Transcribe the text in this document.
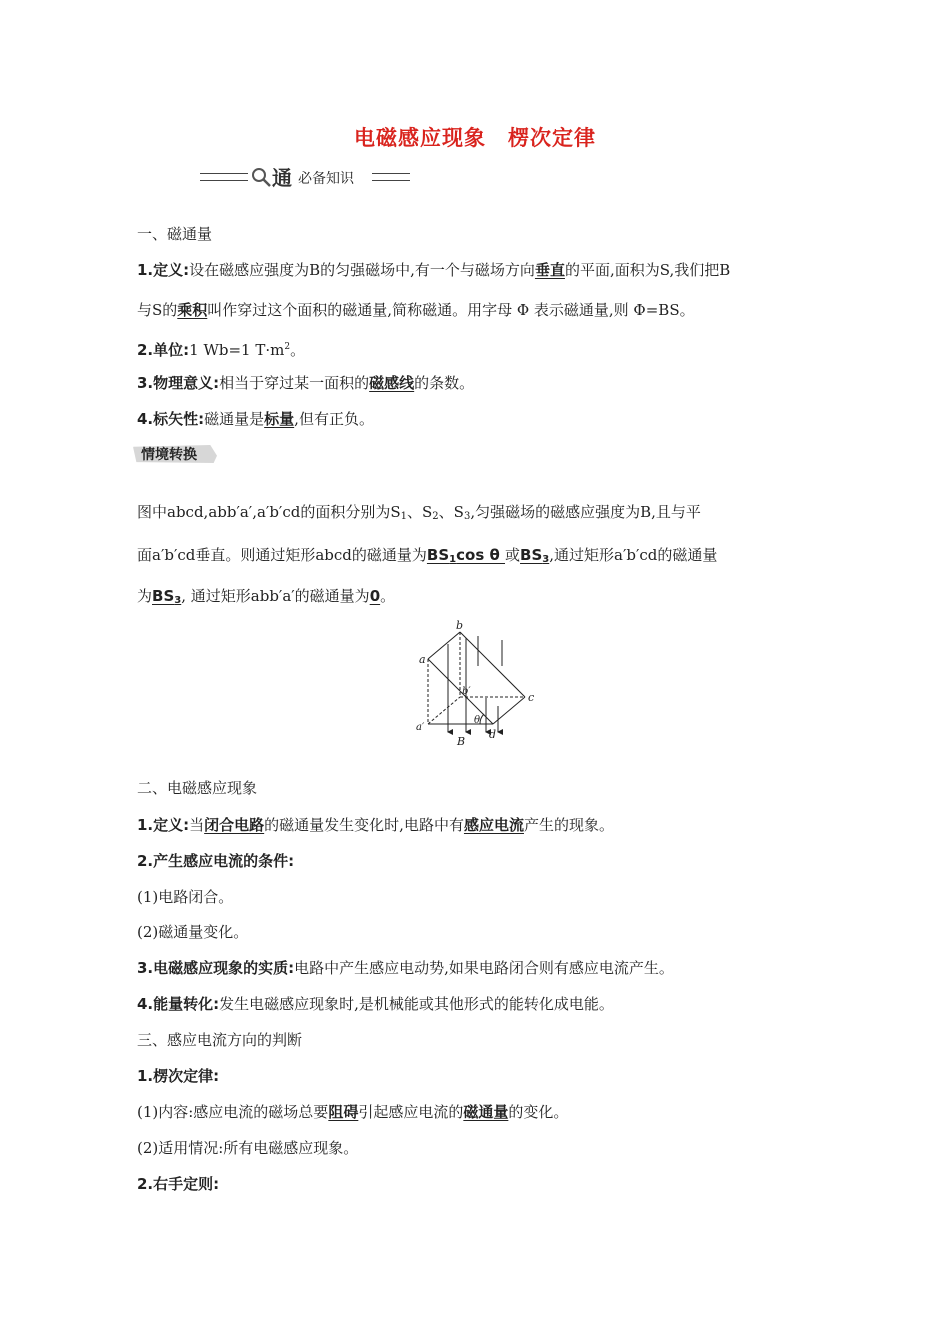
电磁感应现象 楞次定律
通 必备知识
一、磁通量
1.定义:设在磁感应强度为B的匀强磁场中,有一个与磁场方向垂直的平面,面积为S,我们把B
与S的乘积叫作穿过这个面积的磁通量,简称磁通。用字母 Φ 表示磁通量,则 Φ=BS。
2.单位:1 Wb=1 $T\cdot m^2$。
3.物理意义:相当于穿过某一面积的磁感线的条数。
4.标矢性:磁通量是标量,但有正负。
情境转换
图中abcd,abb′a′,a′b′cd的面积分别为$S_1$、$S_2$、$S_3$,匀强磁场的磁感应强度为B,且与平
面a′b′cd垂直。则通过矩形abcd的磁通量为$BS_1\cos$ θ 或$BS_3$,通过矩形a′b′cd的磁通量
为$BS_3$, 通过矩形abb′a′的磁通量为0。
a
b
b′	c
a′
d
B
θ
二、电磁感应现象
1.定义:当闭合电路的磁通量发生变化时,电路中有感应电流产生的现象。
2.产生感应电流的条件:
(1)电路闭合。
(2)磁通量变化。
3.电磁感应现象的实质:电路中产生感应电动势,如果电路闭合则有感应电流产生。
4.能量转化:发生电磁感应现象时,是机械能或其他形式的能转化成电能。
三、感应电流方向的判断
1.楞次定律:
(1)内容:感应电流的磁场总要阻碍引起感应电流的磁通量的变化。
(2)适用情况:所有电磁感应现象。
2.右手定则:
